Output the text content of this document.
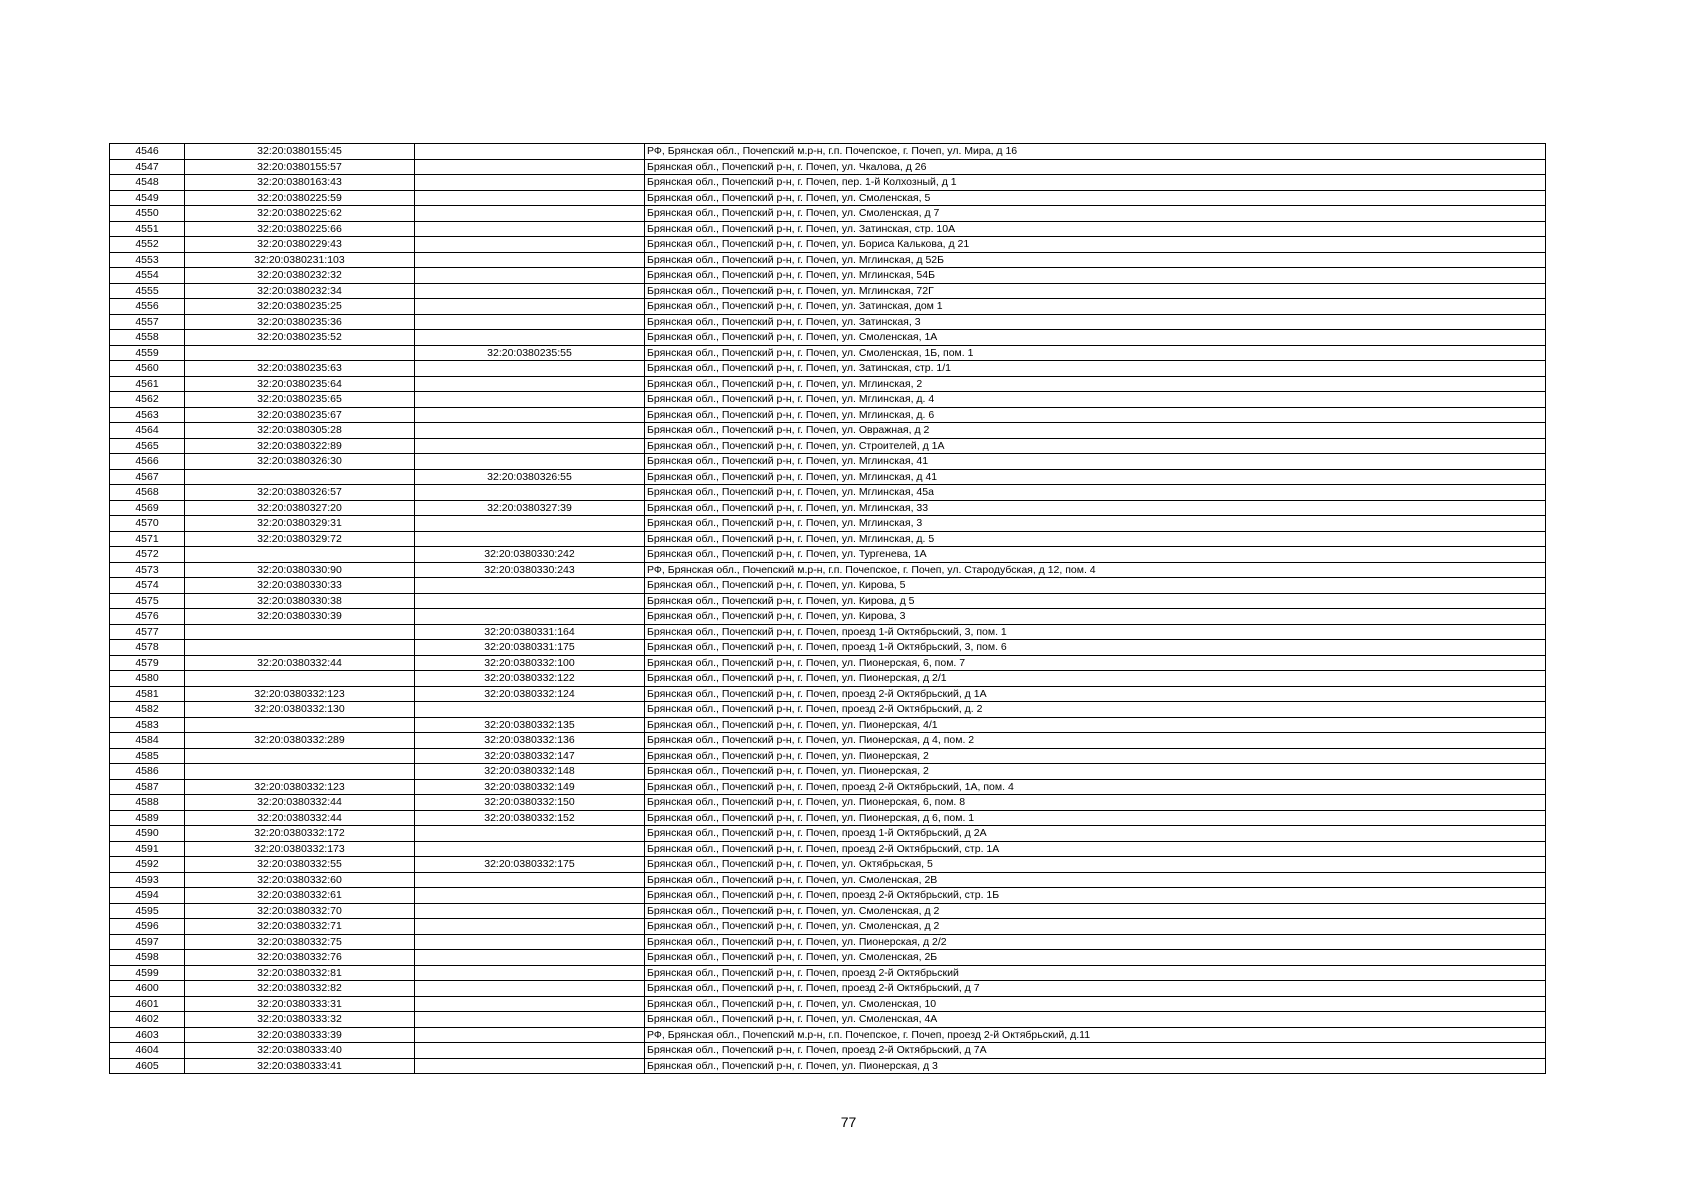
4546	32:20:0380155:45		РФ, Брянская обл., Почепский м.р-н, г.п. Почепское, г. Почеп, ул. Мира, д 16
4547	32:20:0380155:57		Брянская обл., Почепский р-н, г. Почеп, ул. Чкалова, д 26
4548	32:20:0380163:43		Брянская обл., Почепский р-н, г. Почеп, пер. 1-й Колхозный, д 1
4549	32:20:0380225:59		Брянская обл., Почепский р-н, г. Почеп, ул. Смоленская, 5
4550	32:20:0380225:62		Брянская обл., Почепский р-н, г. Почеп, ул. Смоленская, д 7
4551	32:20:0380225:66		Брянская обл., Почепский р-н, г. Почеп, ул. Затинская, стр. 10А
4552	32:20:0380229:43		Брянская обл., Почепский р-н, г. Почеп, ул. Бориса Калькова, д 21
4553	32:20:0380231:103		Брянская обл., Почепский р-н, г. Почеп, ул. Мглинская, д 52Б
4554	32:20:0380232:32		Брянская обл., Почепский р-н, г. Почеп, ул. Мглинская, 54Б
4555	32:20:0380232:34		Брянская обл., Почепский р-н, г. Почеп, ул. Мглинская, 72Г
4556	32:20:0380235:25		Брянская обл., Почепский р-н, г. Почеп, ул. Затинская, дом 1
4557	32:20:0380235:36		Брянская обл., Почепский р-н, г. Почеп, ул. Затинская, 3
4558	32:20:0380235:52		Брянская обл., Почепский р-н, г. Почеп, ул. Смоленская, 1А
4559		32:20:0380235:55	Брянская обл., Почепский р-н, г. Почеп, ул. Смоленская, 1Б, пом. 1
4560	32:20:0380235:63		Брянская обл., Почепский р-н, г. Почеп, ул. Затинская, стр. 1/1
4561	32:20:0380235:64		Брянская обл., Почепский р-н, г. Почеп, ул. Мглинская, 2
4562	32:20:0380235:65		Брянская обл., Почепский р-н, г. Почеп, ул. Мглинская, д. 4
4563	32:20:0380235:67		Брянская обл., Почепский р-н, г. Почеп, ул. Мглинская, д. 6
4564	32:20:0380305:28		Брянская обл., Почепский р-н, г. Почеп, ул. Овражная, д 2
4565	32:20:0380322:89		Брянская обл., Почепский р-н, г. Почеп, ул. Строителей, д 1А
4566	32:20:0380326:30		Брянская обл., Почепский р-н, г. Почеп, ул. Мглинская, 41
4567		32:20:0380326:55	Брянская обл., Почепский р-н, г. Почеп, ул. Мглинская, д 41
4568	32:20:0380326:57		Брянская обл., Почепский р-н, г. Почеп, ул. Мглинская, 45а
4569	32:20:0380327:20	32:20:0380327:39	Брянская обл., Почепский р-н, г. Почеп, ул. Мглинская, 33
4570	32:20:0380329:31		Брянская обл., Почепский р-н, г. Почеп, ул. Мглинская, 3
4571	32:20:0380329:72		Брянская обл., Почепский р-н, г. Почеп, ул. Мглинская, д. 5
4572		32:20:0380330:242	Брянская обл., Почепский р-н, г. Почеп, ул. Тургенева, 1А
4573	32:20:0380330:90	32:20:0380330:243	РФ, Брянская обл., Почепский м.р-н, г.п. Почепское, г. Почеп, ул. Стародубская, д 12, пом. 4
4574	32:20:0380330:33		Брянская обл., Почепский р-н, г. Почеп, ул. Кирова, 5
4575	32:20:0380330:38		Брянская обл., Почепский р-н, г. Почеп, ул. Кирова, д 5
4576	32:20:0380330:39		Брянская обл., Почепский р-н, г. Почеп, ул. Кирова, 3
4577		32:20:0380331:164	Брянская обл., Почепский р-н, г. Почеп, проезд 1-й Октябрьский, 3, пом. 1
4578		32:20:0380331:175	Брянская обл., Почепский р-н, г. Почеп, проезд 1-й Октябрьский, 3, пом. 6
4579	32:20:0380332:44	32:20:0380332:100	Брянская обл., Почепский р-н, г. Почеп, ул. Пионерская, 6, пом. 7
4580		32:20:0380332:122	Брянская обл., Почепский р-н, г. Почеп, ул. Пионерская, д 2/1
4581	32:20:0380332:123	32:20:0380332:124	Брянская обл., Почепский р-н, г. Почеп, проезд 2-й Октябрьский, д 1А
4582	32:20:0380332:130		Брянская обл., Почепский р-н, г. Почеп, проезд 2-й Октябрьский, д. 2
4583		32:20:0380332:135	Брянская обл., Почепский р-н, г. Почеп, ул. Пионерская, 4/1
4584	32:20:0380332:289	32:20:0380332:136	Брянская обл., Почепский р-н, г. Почеп, ул. Пионерская, д 4, пом. 2
4585		32:20:0380332:147	Брянская обл., Почепский р-н, г. Почеп, ул. Пионерская, 2
4586		32:20:0380332:148	Брянская обл., Почепский р-н, г. Почеп, ул. Пионерская, 2
4587	32:20:0380332:123	32:20:0380332:149	Брянская обл., Почепский р-н, г. Почеп, проезд 2-й Октябрьский, 1А, пом. 4
4588	32:20:0380332:44	32:20:0380332:150	Брянская обл., Почепский р-н, г. Почеп, ул. Пионерская, 6, пом. 8
4589	32:20:0380332:44	32:20:0380332:152	Брянская обл., Почепский р-н, г. Почеп, ул. Пионерская, д 6, пом. 1
4590	32:20:0380332:172		Брянская обл., Почепский р-н, г. Почеп, проезд 1-й Октябрьский, д 2А
4591	32:20:0380332:173		Брянская обл., Почепский р-н, г. Почеп, проезд 2-й Октябрьский, стр. 1А
4592	32:20:0380332:55	32:20:0380332:175	Брянская обл., Почепский р-н, г. Почеп, ул. Октябрьская, 5
4593	32:20:0380332:60		Брянская обл., Почепский р-н, г. Почеп, ул. Смоленская, 2В
4594	32:20:0380332:61		Брянская обл., Почепский р-н, г. Почеп, проезд 2-й Октябрьский, стр. 1Б
4595	32:20:0380332:70		Брянская обл., Почепский р-н, г. Почеп, ул. Смоленская, д 2
4596	32:20:0380332:71		Брянская обл., Почепский р-н, г. Почеп, ул. Смоленская, д 2
4597	32:20:0380332:75		Брянская обл., Почепский р-н, г. Почеп, ул. Пионерская, д 2/2
4598	32:20:0380332:76		Брянская обл., Почепский р-н, г. Почеп, ул. Смоленская, 2Б
4599	32:20:0380332:81		Брянская обл., Почепский р-н, г. Почеп, проезд 2-й Октябрьский
4600	32:20:0380332:82		Брянская обл., Почепский р-н, г. Почеп, проезд 2-й Октябрьский, д 7
4601	32:20:0380333:31		Брянская обл., Почепский р-н, г. Почеп, ул. Смоленская, 10
4602	32:20:0380333:32		Брянская обл., Почепский р-н, г. Почеп, ул. Смоленская, 4А
4603	32:20:0380333:39		РФ, Брянская обл., Почепский м.р-н, г.п. Почепское, г. Почеп, проезд 2-й Октябрьский, д.11
4604	32:20:0380333:40		Брянская обл., Почепский р-н, г. Почеп, проезд 2-й Октябрьский, д 7А
4605	32:20:0380333:41		Брянская обл., Почепский р-н, г. Почеп, ул. Пионерская, д 3
77
